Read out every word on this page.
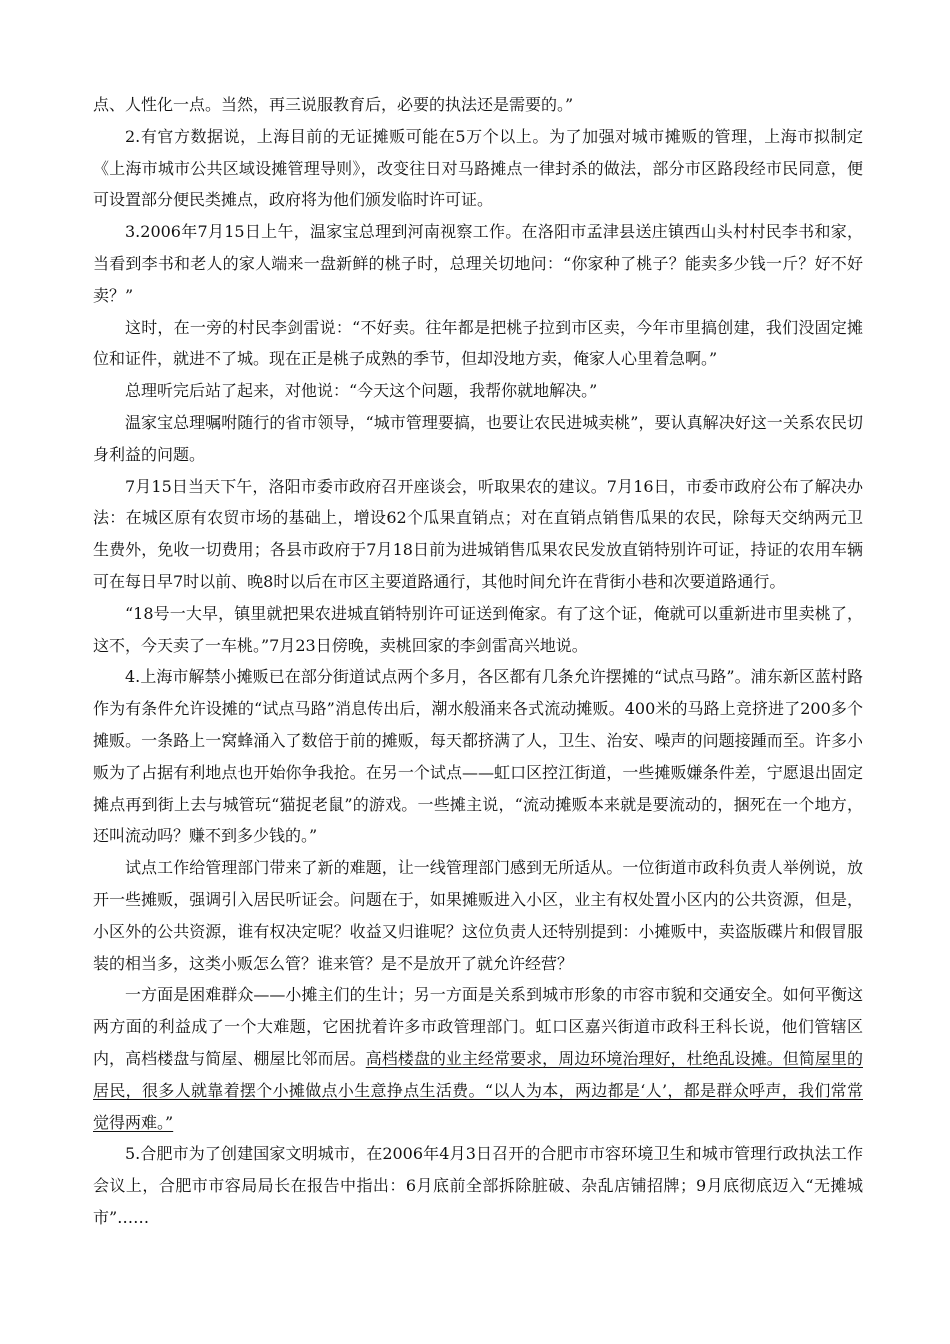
点、人性化一点。当然，再三说服教育后，必要的执法还是需要的。”

2.有官方数据说，上海目前的无证摊贩可能在5万个以上。为了加强对城市摊贩的管理，上海市拟制定《上海市城市公共区域设摊管理导则》，改变往日对马路摊点一律封杀的做法，部分市区路段经市民同意，便可设置部分便民类摊点，政府将为他们颁发临时许可证。

3.2006年7月15日上午，温家宝总理到河南视察工作。在洛阳市孟津县送庄镇西山头村村民李书和家，当看到李书和老人的家人端来一盘新鲜的桃子时，总理关切地问：“你家种了桃子？能卖多少钱一斤？好不好卖？”

这时，在一旁的村民李剑雷说：“不好卖。往年都是把桃子拉到市区卖，今年市里搞创建，我们没固定摊位和证件，就进不了城。现在正是桃子成熟的季节，但却没地方卖，俺家人心里着急啊。”

总理听完后站了起来，对他说：“今天这个问题，我帮你就地解决。”

温家宝总理嘱咐随行的省市领导，“城市管理要搞，也要让农民进城卖桃”，要认真解决好这一关系农民切身利益的问题。

7月15日当天下午，洛阳市委市政府召开座谈会，听取果农的建议。7月16日，市委市政府公布了解决办法：在城区原有农贸市场的基础上，增设62个瓜果直销点；对在直销点销售瓜果的农民，除每天交纳两元卫生费外，免收一切费用；各县市政府于7月18日前为进城销售瓜果农民发放直销特别许可证，持证的农用车辆可在每日早7时以前、晚8时以后在市区主要道路通行，其他时间允许在背街小巷和次要道路通行。

“18号一大早，镇里就把果农进城直销特别许可证送到俺家。有了这个证，俺就可以重新进市里卖桃了，这不，今天卖了一车桃。”7月23日傍晚，卖桃回家的李剑雷高兴地说。

4.上海市解禁小摊贩已在部分街道试点两个多月，各区都有几条允许摆摊的“试点马路”。浦东新区蓝村路作为有条件允许设摊的“试点马路”消息传出后，潮水般涌来各式流动摊贩。400米的马路上竞挤进了200多个摊贩。一条路上一窝蜂涌入了数倍于前的摊贩，每天都挤满了人，卫生、治安、噪声的问题接踵而至。许多小贩为了占据有利地点也开始你争我抢。在另一个试点——虹口区控江街道，一些摊贩嫌条件差，宁愿退出固定摊点再到街上去与城管玩“猫捉老鼠”的游戏。一些摊主说，“流动摊贩本来就是要流动的，捆死在一个地方，还叫流动吗？赚不到多少钱的。”

试点工作给管理部门带来了新的难题，让一线管理部门感到无所适从。一位街道市政科负责人举例说，放开一些摊贩，强调引入居民听证会。问题在于，如果摊贩进入小区，业主有权处置小区内的公共资源，但是，小区外的公共资源，谁有权决定呢？收益又归谁呢？这位负责人还特别提到：小摊贩中，卖盗版碟片和假冒服装的相当多，这类小贩怎么管？谁来管？是不是放开了就允许经营？

一方面是困难群众——小摊主们的生计；另一方面是关系到城市形象的市容市貌和交通安全。如何平衡这两方面的利益成了一个大难题，它困扰着许多市政管理部门。虹口区嘉兴街道市政科王科长说，他们管辖区内，高档楼盘与简屋、棚屋比邻而居。高档楼盘的业主经常要求，周边环境治理好，杜绝乱设摊。但简屋里的居民，很多人就靠着摆个小摊做点小生意挣点生活费。“以人为本，两边都是‘人’，都是群众呼声，我们常常觉得两难。”

5.合肥市为了创建国家文明城市，在2006年4月3日召开的合肥市市容环境卫生和城市管理行政执法工作会议上，合肥市市容局局长在报告中指出：6月底前全部拆除脏破、杂乱店铺招牌；9月底彻底迈入“无摊城市”……
